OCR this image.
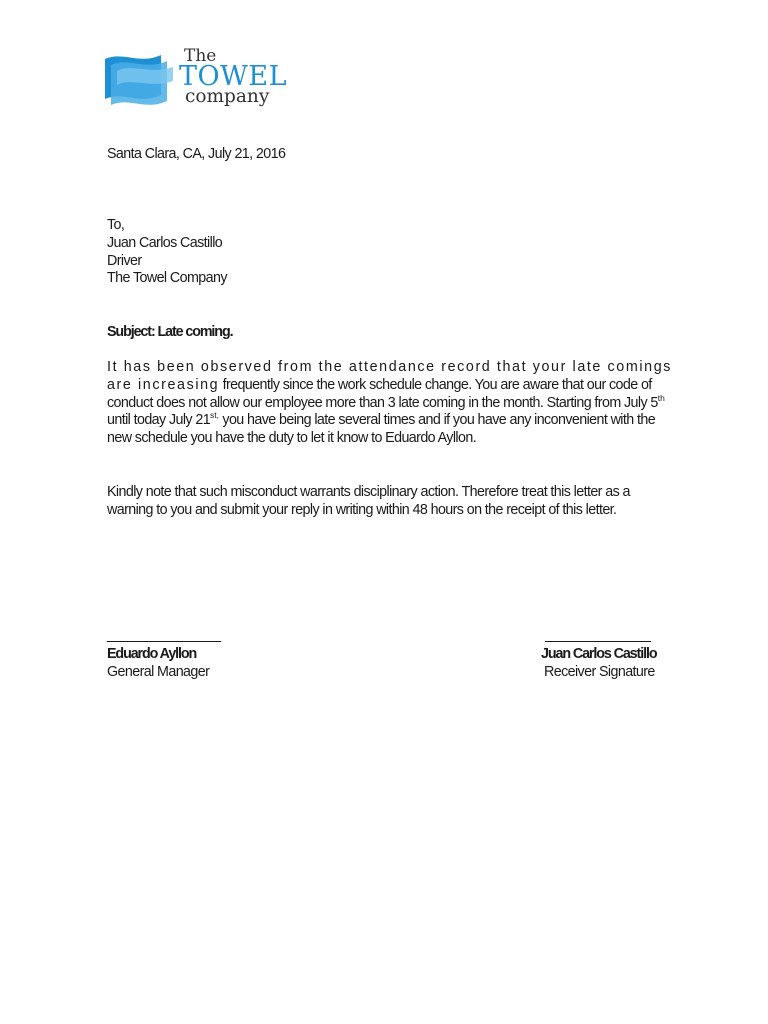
The
TOWEL
company
Santa Clara, CA, July 21, 2016
To,
Juan Carlos Castillo
Driver
The Towel Company
Subject: Late coming.
It has been observed from the attendance record that your late comings
are increasing frequently since the work schedule change. You are aware that our code of
conduct does not allow our employee more than 3 late coming in the month. Starting from July 5th
until today July $21^{st,}$ you have being late several times and if you have any inconvenient with the
new schedule you have the duty to let it know to Eduardo Ayllon.
Kindly note that such misconduct warrants disciplinary action. Therefore treat this letter as a
warning to you and submit your reply in writing within 48 hours on the receipt of this letter.
Eduardo Ayllon
General Manager
Juan Carlos Castillo
Receiver Signature
